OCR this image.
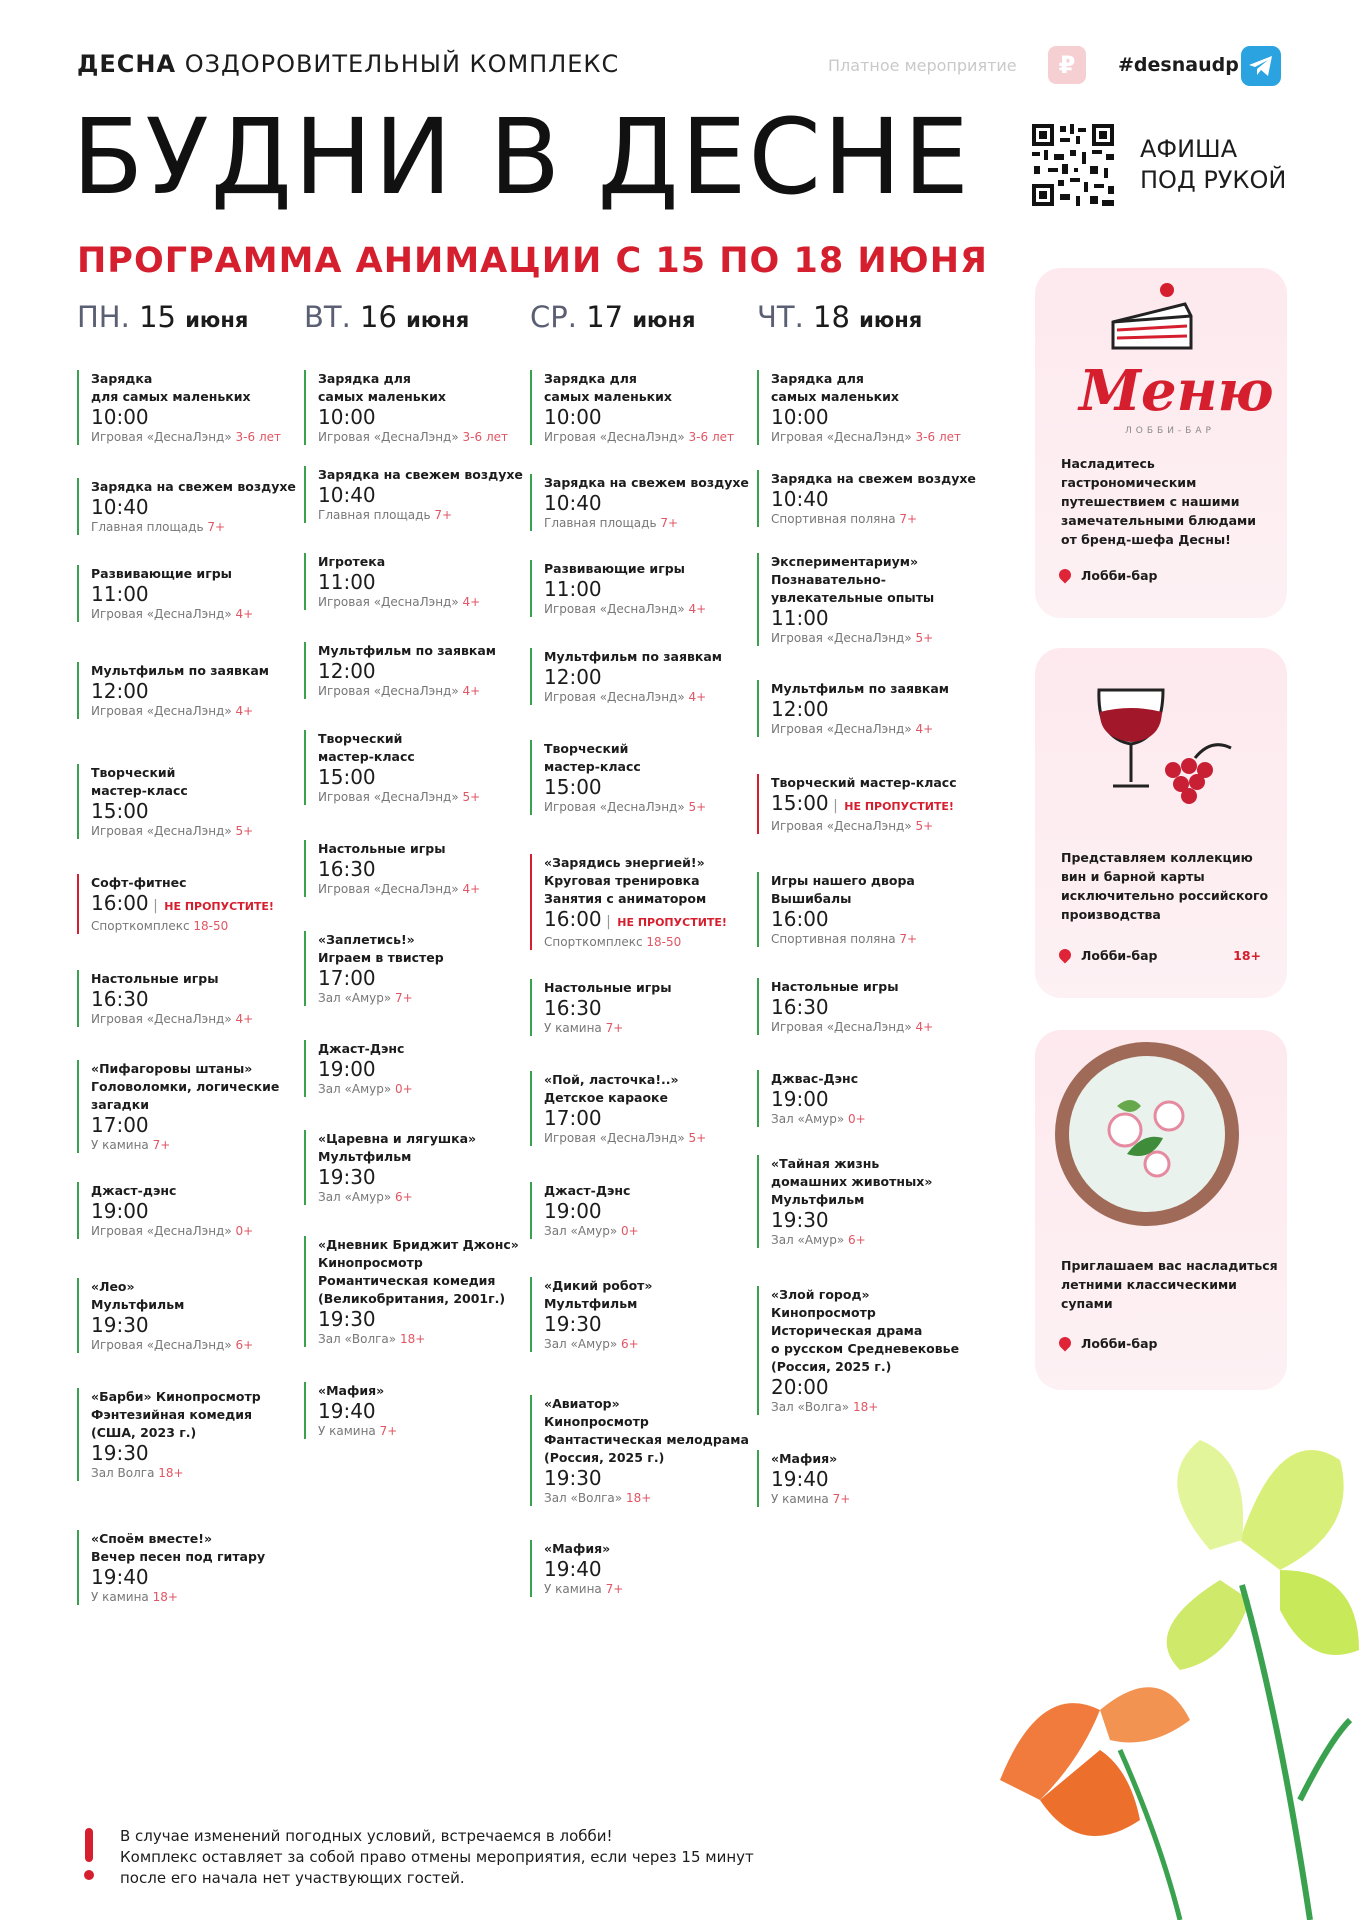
ДЕСНА ОЗДОРОВИТЕЛЬНЫЙ КОМПЛЕКС	Платное мероприятие	₽	#desnaudp
БУДНИ В ДЕСНЕ	АФИША
ПОД РУКОЙ
ПРОГРАММА АНИМАЦИИ С 15 ПО 18 ИЮНЯ
ПН. 15 июня ВТ. 16 июня СР. 17 июня ЧТ. 18 июня
Зарядка
для самых маленьких
10:00
Игровая «ДеснаЛэнд» 3-6 лет
Зарядка на свежем воздухе
10:40
Главная площадь 7+
Развивающие игры
11:00
Игровая «ДеснаЛэнд» 4+
Мультфильм по заявкам
12:00
Игровая «ДеснаЛэнд» 4+
Творческий
мастер-класс
15:00
Игровая «ДеснаЛэнд» 5+
Софт-фитнес
16:00 | НЕ ПРОПУСТИТЕ!
Спорткомплекс 18-50
Настольные игры
16:30
Игровая «ДеснаЛэнд» 4+
«Пифагоровы штаны»
Головоломки, логические
загадки
17:00
У камина 7+
Джаст-дэнс
19:00
Игровая «ДеснаЛэнд» 0+
«Лео»
Мультфильм
19:30
Игровая «ДеснаЛэнд» 6+
«Барби» Кинопросмотр
Фэнтезийная комедия
(США, 2023 г.)
19:30
Зал Волга 18+
«Споём вместе!»
Вечер песен под гитару
19:40
У камина 18+
Зарядка для
самых маленьких
10:00
Игровая «ДеснаЛэнд» 3-6 лет
Зарядка на свежем воздухе
10:40
Главная площадь 7+
Игротека
11:00
Игровая «ДеснаЛэнд» 4+
Мультфильм по заявкам
12:00
Игровая «ДеснаЛэнд» 4+
Творческий
мастер-класс
15:00
Игровая «ДеснаЛэнд» 5+
Настольные игры
16:30
Игровая «ДеснаЛэнд» 4+
«Заплетись!»
Играем в твистер
17:00
Зал «Амур» 7+
Джаст-Дэнс
19:00
Зал «Амур» 0+
«Царевна и лягушка»
Мультфильм
19:30
Зал «Амур» 6+
«Дневник Бриджит Джонс»
Кинопросмотр
Романтическая комедия
(Великобритания, 2001г.)
19:30
Зал «Волга» 18+
«Мафия»
19:40
У камина 7+
Зарядка для
самых маленьких
10:00
Игровая «ДеснаЛэнд» 3-6 лет
Зарядка на свежем воздухе
10:40
Главная площадь 7+
Развивающие игры
11:00
Игровая «ДеснаЛэнд» 4+
Мультфильм по заявкам
12:00
Игровая «ДеснаЛэнд» 4+
Творческий
мастер-класс
15:00
Игровая «ДеснаЛэнд» 5+
«Зарядись энергией!»
Круговая тренировка
Занятия с аниматором
16:00 | НЕ ПРОПУСТИТЕ!
Спорткомплекс 18-50
Настольные игры
16:30
У камина 7+
«Пой, ласточка!..»
Детское караоке
17:00
Игровая «ДеснаЛэнд» 5+
Джаст-Дэнс
19:00
Зал «Амур» 0+
«Дикий робот»
Мультфильм
19:30
Зал «Амур» 6+
«Авиатор»
Кинопросмотр
Фантастическая мелодрама
(Россия, 2025 г.)
19:30
Зал «Волга» 18+
«Мафия»
19:40
У камина 7+
Зарядка для
самых маленьких
10:00
Игровая «ДеснаЛэнд» 3-6 лет
Зарядка на свежем воздухе
10:40
Спортивная поляна 7+
Экспериментариум»
Познавательно-
увлекательные опыты
11:00
Игровая «ДеснаЛэнд» 5+
Мультфильм по заявкам
12:00
Игровая «ДеснаЛэнд» 4+
Творческий мастер-класс
15:00 | НЕ ПРОПУСТИТЕ!
Игровая «ДеснаЛэнд» 5+
Игры нашего двора
Вышибалы
16:00
Спортивная поляна 7+
Настольные игры
16:30
Игровая «ДеснаЛэнд» 4+
Джвас-Дэнс
19:00
Зал «Амур» 0+
«Тайная жизнь
домашних животных»
Мультфильм
19:30
Зал «Амур» 6+
«Злой город»
Кинопросмотр
Историческая драма
о русском Средневековье
(Россия, 2025 г.)
20:00
Зал «Волга» 18+
«Мафия»
19:40
У камина 7+
Меню
ЛОББИ-БАР
Насладитесь
гастрономическим
путешествием с нашими
замечательными блюдами
от бренд-шефа Десны!
Лобби-бар
Представляем коллекцию
вин и барной карты
исключительно российского
производства
Лобби-бар	18+
Приглашаем вас насладиться
летними классическими
супами
Лобби-бар
В случае изменений погодных условий, встречаемся в лобби!
Комплекс оставляет за собой право отмены мероприятия, если через 15 минут
после его начала нет участвующих гостей.
